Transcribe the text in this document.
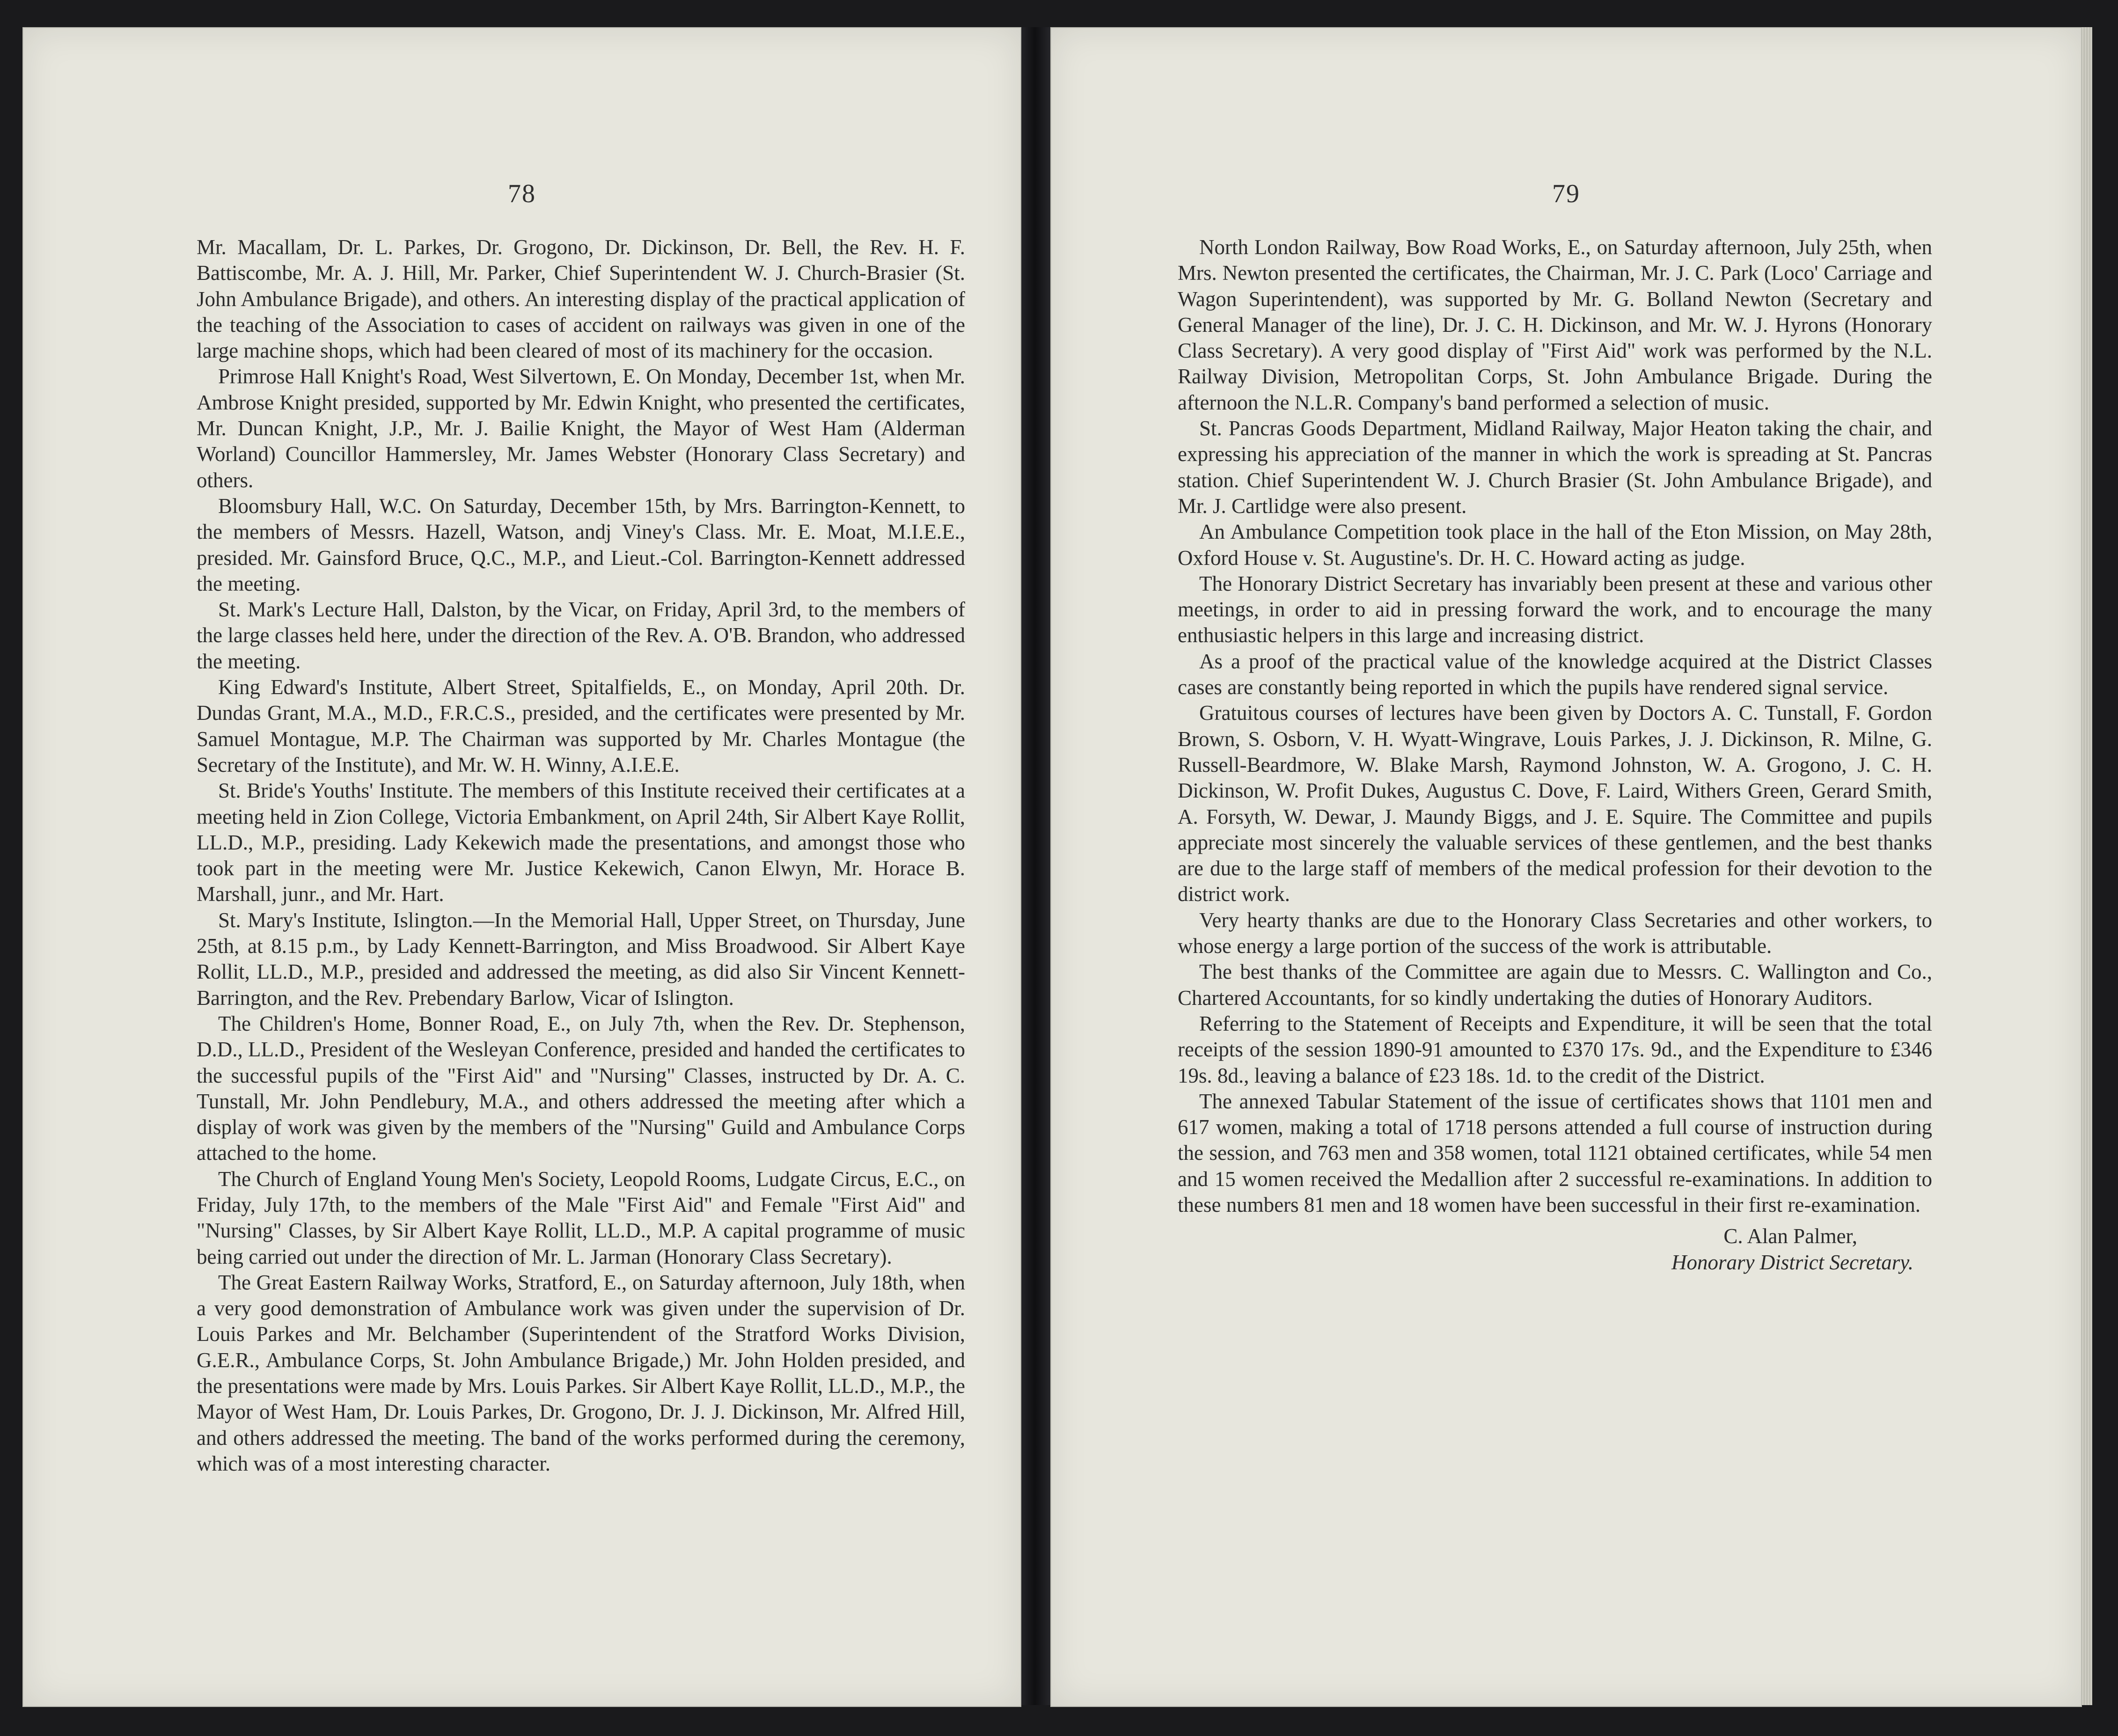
78

Mr. Macallam, Dr. L. Parkes, Dr. Grogono, Dr. Dickinson, Dr. Bell, the Rev. H. F. Battiscombe, Mr. A. J. Hill, Mr. Parker, Chief Superintendent W. J. Church-Brasier (St. John Ambulance Brigade), and others. An interesting display of the practical application of the teaching of the Association to cases of accident on railways was given in one of the large machine shops, which had been cleared of most of its machinery for the occasion.

Primrose Hall Knight's Road, West Silvertown, E. On Monday, December 1st, when Mr. Ambrose Knight presided, supported by Mr. Edwin Knight, who presented the certificates, Mr. Duncan Knight, J.P., Mr. J. Bailie Knight, the Mayor of West Ham (Alderman Worland) Councillor Hammersley, Mr. James Webster (Honorary Class Secretary) and others.

Bloomsbury Hall, W.C. On Saturday, December 15th, by Mrs. Barrington-Kennett, to the members of Messrs. Hazell, Watson, andj Viney's Class. Mr. E. Moat, M.I.E.E., presided. Mr. Gainsford Bruce, Q.C., M.P., and Lieut.-Col. Barrington-Kennett addressed the meeting.

St. Mark's Lecture Hall, Dalston, by the Vicar, on Friday, April 3rd, to the members of the large classes held here, under the direction of the Rev. A. O'B. Brandon, who addressed the meeting.

King Edward's Institute, Albert Street, Spitalfields, E., on Monday, April 20th. Dr. Dundas Grant, M.A., M.D., F.R.C.S., presided, and the certificates were presented by Mr. Samuel Montague, M.P. The Chairman was supported by Mr. Charles Montague (the Secretary of the Institute), and Mr. W. H. Winny, A.I.E.E.

St. Bride's Youths' Institute. The members of this Institute received their certificates at a meeting held in Zion College, Victoria Embankment, on April 24th, Sir Albert Kaye Rollit, LL.D., M.P., presiding. Lady Kekewich made the presentations, and amongst those who took part in the meeting were Mr. Justice Kekewich, Canon Elwyn, Mr. Horace B. Marshall, junr., and Mr. Hart.

St. Mary's Institute, Islington.—In the Memorial Hall, Upper Street, on Thursday, June 25th, at 8.15 p.m., by Lady Kennett-Barrington, and Miss Broadwood. Sir Albert Kaye Rollit, LL.D., M.P., presided and addressed the meeting, as did also Sir Vincent Kennett-Barrington, and the Rev. Prebendary Barlow, Vicar of Islington.

The Children's Home, Bonner Road, E., on July 7th, when the Rev. Dr. Stephenson, D.D., LL.D., President of the Wesleyan Conference, presided and handed the certificates to the successful pupils of the "First Aid" and "Nursing" Classes, instructed by Dr. A. C. Tunstall, Mr. John Pendlebury, M.A., and others addressed the meeting after which a display of work was given by the members of the "Nursing" Guild and Ambulance Corps attached to the home.

The Church of England Young Men's Society, Leopold Rooms, Ludgate Circus, E.C., on Friday, July 17th, to the members of the Male "First Aid" and Female "First Aid" and "Nursing" Classes, by Sir Albert Kaye Rollit, LL.D., M.P. A capital programme of music being carried out under the direction of Mr. L. Jarman (Honorary Class Secretary).

The Great Eastern Railway Works, Stratford, E., on Saturday afternoon, July 18th, when a very good demonstration of Ambulance work was given under the supervision of Dr. Louis Parkes and Mr. Belchamber (Superintendent of the Stratford Works Division, G.E.R., Ambulance Corps, St. John Ambulance Brigade,) Mr. John Holden presided, and the presentations were made by Mrs. Louis Parkes. Sir Albert Kaye Rollit, LL.D., M.P., the Mayor of West Ham, Dr. Louis Parkes, Dr. Grogono, Dr. J. J. Dickinson, Mr. Alfred Hill, and others addressed the meeting. The band of the works performed during the ceremony, which was of a most interesting character.

79

North London Railway, Bow Road Works, E., on Saturday afternoon, July 25th, when Mrs. Newton presented the certificates, the Chairman, Mr. J. C. Park (Loco' Carriage and Wagon Superintendent), was supported by Mr. G. Bolland Newton (Secretary and General Manager of the line), Dr. J. C. H. Dickinson, and Mr. W. J. Hyrons (Honorary Class Secretary). A very good display of "First Aid" work was performed by the N.L. Railway Division, Metropolitan Corps, St. John Ambulance Brigade. During the afternoon the N.L.R. Company's band performed a selection of music.

St. Pancras Goods Department, Midland Railway, Major Heaton taking the chair, and expressing his appreciation of the manner in which the work is spreading at St. Pancras station. Chief Superintendent W. J. Church Brasier (St. John Ambulance Brigade), and Mr. J. Cartlidge were also present.

An Ambulance Competition took place in the hall of the Eton Mission, on May 28th, Oxford House v. St. Augustine's. Dr. H. C. Howard acting as judge.

The Honorary District Secretary has invariably been present at these and various other meetings, in order to aid in pressing forward the work, and to encourage the many enthusiastic helpers in this large and increasing district.

As a proof of the practical value of the knowledge acquired at the District Classes cases are constantly being reported in which the pupils have rendered signal service.

Gratuitous courses of lectures have been given by Doctors A. C. Tunstall, F. Gordon Brown, S. Osborn, V. H. Wyatt-Wingrave, Louis Parkes, J. J. Dickinson, R. Milne, G. Russell-Beardmore, W. Blake Marsh, Raymond Johnston, W. A. Grogono, J. C. H. Dickinson, W. Profit Dukes, Augustus C. Dove, F. Laird, Withers Green, Gerard Smith, A. Forsyth, W. Dewar, J. Maundy Biggs, and J. E. Squire. The Committee and pupils appreciate most sincerely the valuable services of these gentlemen, and the best thanks are due to the large staff of members of the medical profession for their devotion to the district work.

Very hearty thanks are due to the Honorary Class Secretaries and other workers, to whose energy a large portion of the success of the work is attributable.

The best thanks of the Committee are again due to Messrs. C. Wallington and Co., Chartered Accountants, for so kindly undertaking the duties of Honorary Auditors.

Referring to the Statement of Receipts and Expenditure, it will be seen that the total receipts of the session 1890-91 amounted to £370 17s. 9d., and the Expenditure to £346 19s. 8d., leaving a balance of £23 18s. 1d. to the credit of the District.

The annexed Tabular Statement of the issue of certificates shows that 1101 men and 617 women, making a total of 1718 persons attended a full course of instruction during the session, and 763 men and 358 women, total 1121 obtained certificates, while 54 men and 15 women received the Medallion after 2 successful re-examinations. In addition to these numbers 81 men and 18 women have been successful in their first re-examination.

C. Alan Palmer,
Honorary District Secretary.
